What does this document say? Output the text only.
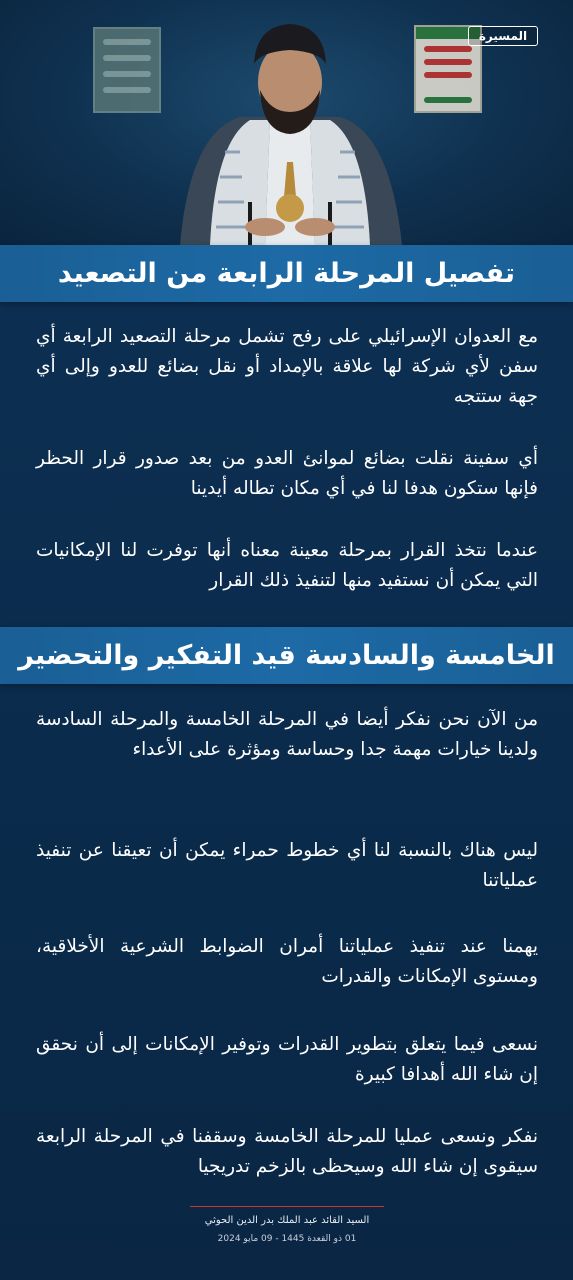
المسيرة
تفصيل المرحلة الرابعة من التصعيد

مع العدوان الإسرائيلي على رفح تشمل مرحلة التصعيد الرابعة أي سفن لأي شركة لها علاقة بالإمداد أو نقل بضائع للعدو وإلى أي جهة ستتجه

أي سفينة نقلت بضائع لموانئ العدو من بعد صدور قرار الحظر فإنها ستكون هدفا لنا في أي مكان تطاله أيدينا

عندما نتخذ القرار بمرحلة معينة معناه أنها توفرت لنا الإمكانيات التي يمكن أن نستفيد منها لتنفيذ ذلك القرار

الخامسة والسادسة قيد التفكير والتحضير

من الآن نحن نفكر أيضا في المرحلة الخامسة والمرحلة السادسة ولدينا خيارات مهمة جدا وحساسة ومؤثرة على الأعداء

ليس هناك بالنسبة لنا أي خطوط حمراء يمكن أن تعيقنا عن تنفيذ عملياتنا

يهمنا عند تنفيذ عملياتنا أمران الضوابط الشرعية الأخلاقية، ومستوى الإمكانات والقدرات

نسعى فيما يتعلق بتطوير القدرات وتوفير الإمكانات إلى أن نحقق إن شاء الله أهدافا كبيرة

نفكر ونسعى عمليا للمرحلة الخامسة وسقفنا في المرحلة الرابعة سيقوى إن شاء الله وسيحظى بالزخم تدريجيا

السيد القائد عبد الملك بدر الدين الحوثي
01 ذو القعدة 1445 - 09 مايو 2024
